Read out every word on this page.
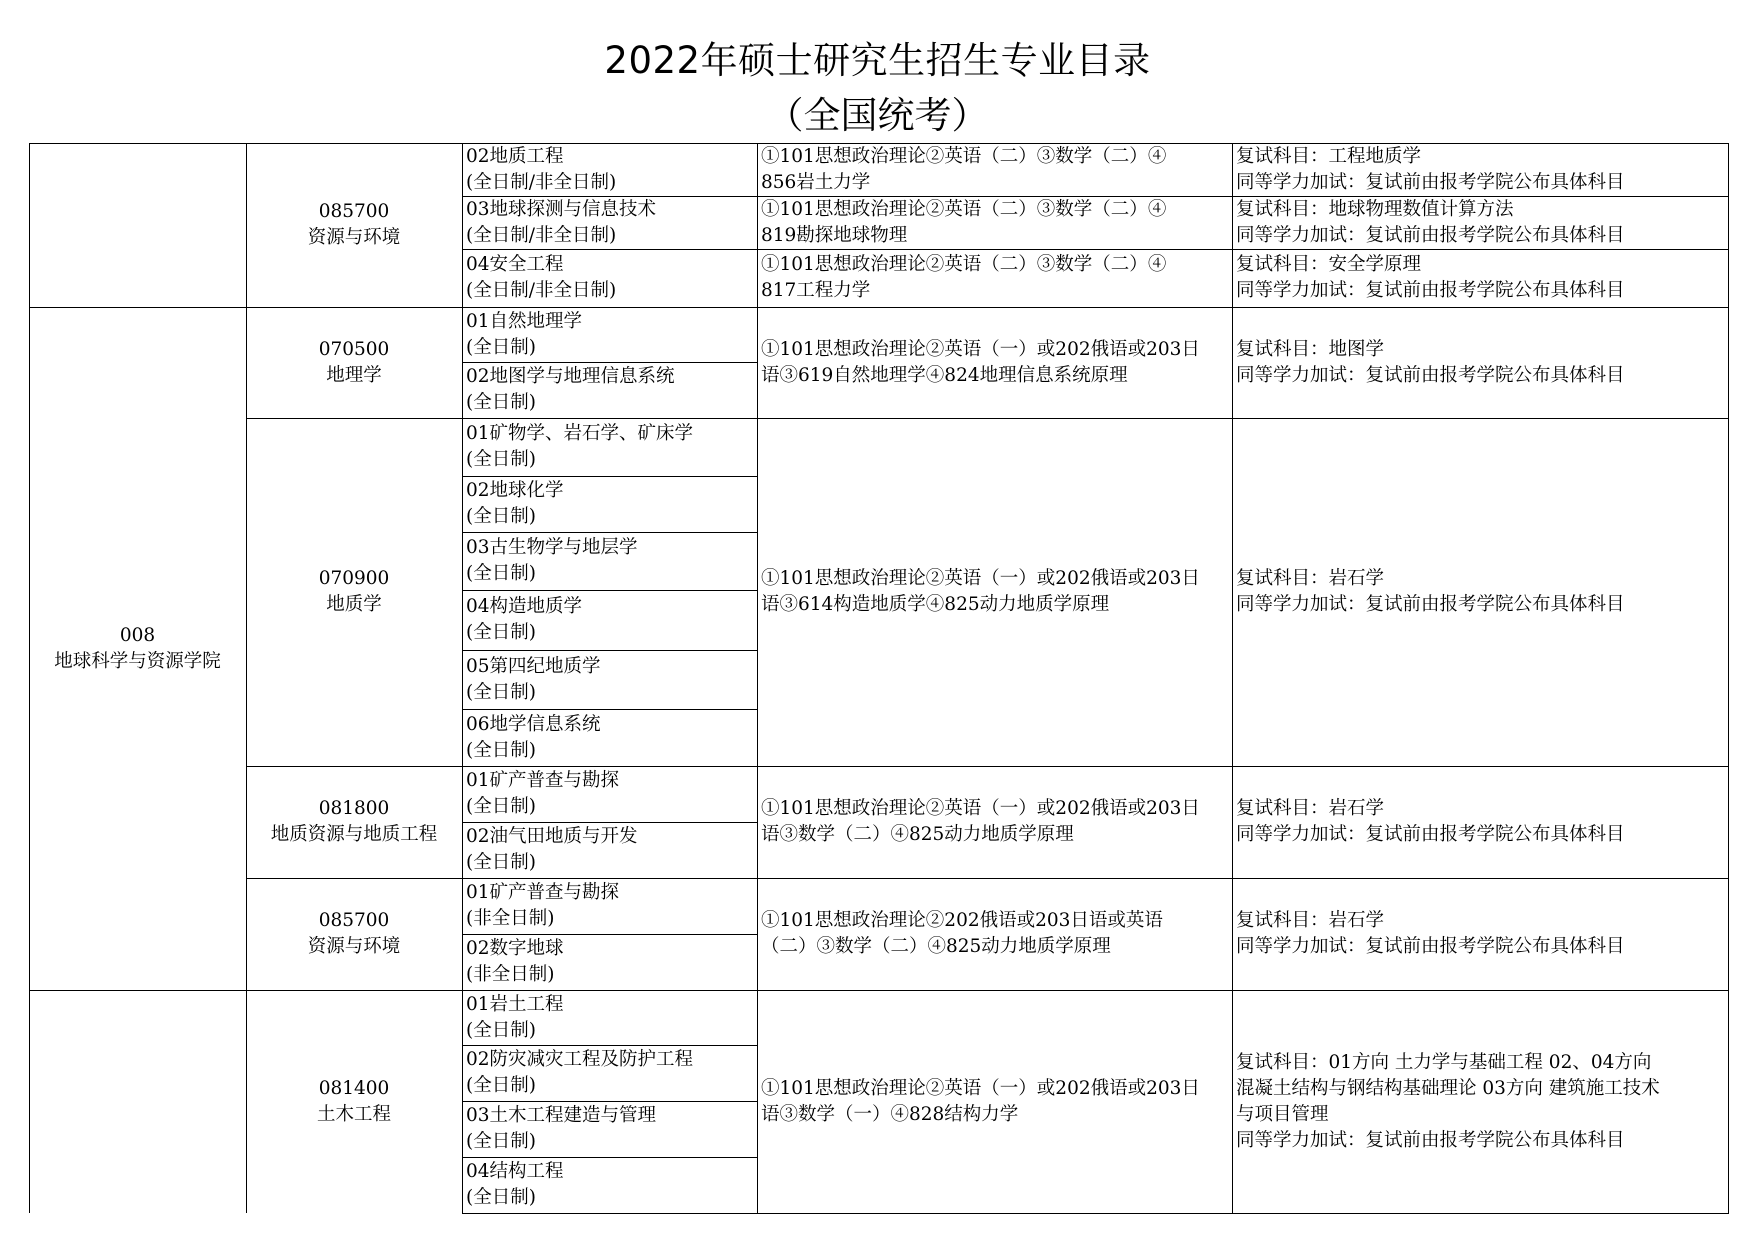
2022年硕士研究生招生专业目录
（全国统考）
02地质工程
(全日制/非全日制)
①101思想政治理论②英语（二）③数学（二）④
856岩土力学
复试科目：工程地质学
同等学力加试：复试前由报考学院公布具体科目
03地球探测与信息技术
(全日制/非全日制)
①101思想政治理论②英语（二）③数学（二）④
819勘探地球物理
复试科目：地球物理数值计算方法
同等学力加试：复试前由报考学院公布具体科目
04安全工程
(全日制/非全日制)
①101思想政治理论②英语（二）③数学（二）④
817工程力学
复试科目：安全学原理
同等学力加试：复试前由报考学院公布具体科目
085700
资源与环境
01自然地理学
(全日制)
02地图学与地理信息系统
(全日制)
070500
地理学
①101思想政治理论②英语（一）或202俄语或203日
语③619自然地理学④824地理信息系统原理
复试科目：地图学
同等学力加试：复试前由报考学院公布具体科目
01矿物学、岩石学、矿床学
(全日制)
02地球化学
(全日制)
03古生物学与地层学
(全日制)
04构造地质学
(全日制)
05第四纪地质学
(全日制)
06地学信息系统
(全日制)
070900
地质学
①101思想政治理论②英语（一）或202俄语或203日
语③614构造地质学④825动力地质学原理
复试科目：岩石学
同等学力加试：复试前由报考学院公布具体科目
01矿产普查与勘探
(全日制)
02油气田地质与开发
(全日制)
081800
地质资源与地质工程
①101思想政治理论②英语（一）或202俄语或203日
语③数学（二）④825动力地质学原理
复试科目：岩石学
同等学力加试：复试前由报考学院公布具体科目
01矿产普查与勘探
(非全日制)
02数字地球
(非全日制)
085700
资源与环境
①101思想政治理论②202俄语或203日语或英语
（二）③数学（二）④825动力地质学原理
复试科目：岩石学
同等学力加试：复试前由报考学院公布具体科目
008
地球科学与资源学院
01岩土工程
(全日制)
02防灾减灾工程及防护工程
(全日制)
03土木工程建造与管理
(全日制)
04结构工程
(全日制)
081400
土木工程
①101思想政治理论②英语（一）或202俄语或203日
语③数学（一）④828结构力学
复试科目：01方向 土力学与基础工程 02、04方向
混凝土结构与钢结构基础理论 03方向 建筑施工技术
与项目管理
同等学力加试：复试前由报考学院公布具体科目
